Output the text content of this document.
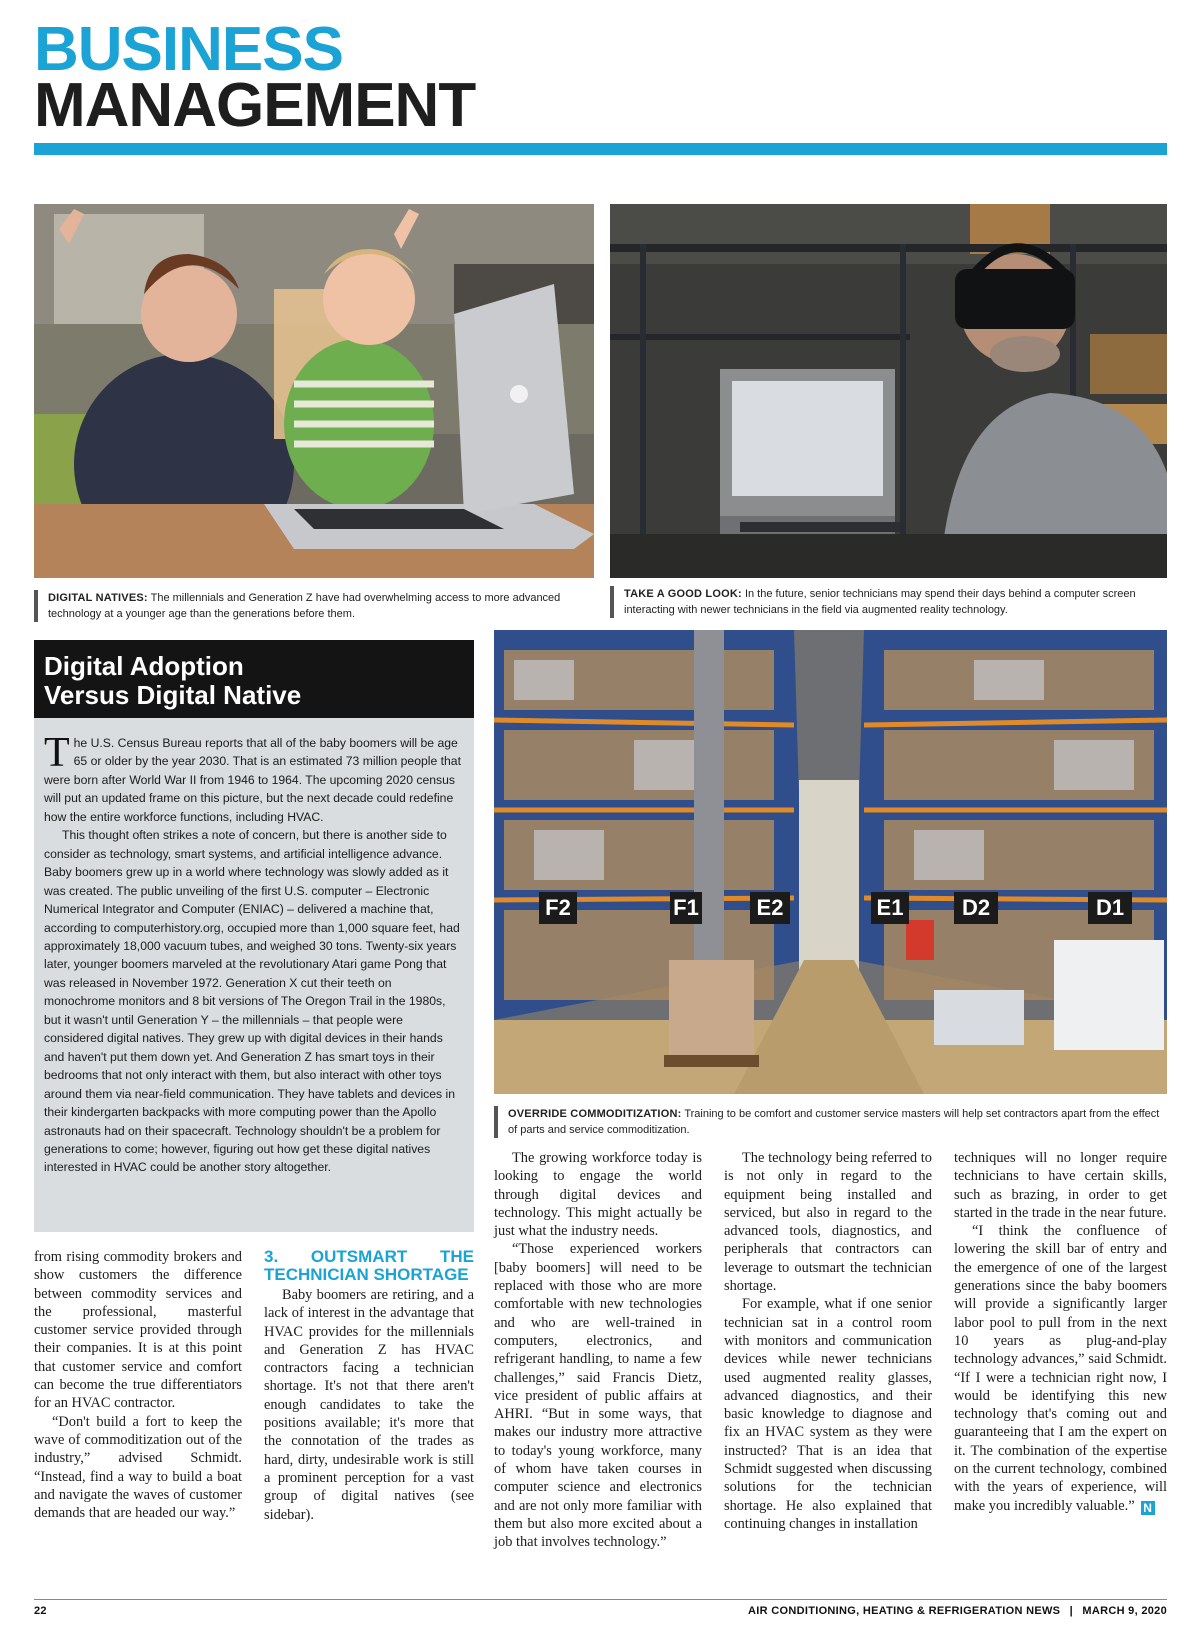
BUSINESS
MANAGEMENT
DIGITAL NATIVES: The millennials and Generation Z have had overwhelming access to more advanced technology at a younger age than the generations before them.
TAKE A GOOD LOOK: In the future, senior technicians may spend their days behind a computer screen interacting with newer technicians in the field via augmented reality technology.
F2	F1	E2	E1	D2	D1
OVERRIDE COMMODITIZATION: Training to be comfort and customer service masters will help set contractors apart from the effect of parts and service commoditization.
Digital Adoption Versus Digital Native

The U.S. Census Bureau reports that all of the baby boomers will be age 65 or older by the year 2030. That is an estimated 73 million people that were born after World War II from 1946 to 1964. The upcoming 2020 census will put an updated frame on this picture, but the next decade could redefine how the entire workforce functions, including HVAC.

This thought often strikes a note of concern, but there is another side to consider as technology, smart systems, and artificial intelligence advance. Baby boomers grew up in a world where technology was slowly added as it was created. The public unveiling of the first U.S. computer – Electronic Numerical Integrator and Computer (ENIAC) – delivered a machine that, according to computerhistory.org, occupied more than 1,000 square feet, had approximately 18,000 vacuum tubes, and weighed 30 tons. Twenty-six years later, younger boomers marveled at the revolutionary Atari game Pong that was released in November 1972. Generation X cut their teeth on monochrome monitors and 8 bit versions of The Oregon Trail in the 1980s, but it wasn't until Generation Y – the millennials – that people were considered digital natives. They grew up with digital devices in their hands and haven't put them down yet. And Generation Z has smart toys in their bedrooms that not only interact with them, but also interact with other toys around them via near-field communication. They have tablets and devices in their kindergarten backpacks with more computing power than the Apollo astronauts had on their spacecraft. Technology shouldn't be a problem for generations to come; however, figuring out how get these digital natives interested in HVAC could be another story altogether.

from rising commodity brokers and show customers the difference between commodity services and the professional, masterful customer service provided through their companies. It is at this point that customer service and comfort can become the true differentiators for an HVAC contractor.

“Don't build a fort to keep the wave of commoditization out of the industry,” advised Schmidt. “Instead, find a way to build a boat and navigate the waves of customer demands that are headed our way.”

3. OUTSMART THE TECHNICIAN SHORTAGE

Baby boomers are retiring, and a lack of interest in the advantage that HVAC provides for the millennials and Generation Z has HVAC contractors facing a technician shortage. It's not that there aren't enough candidates to take the positions available; it's more that the connotation of the trades as hard, dirty, undesirable work is still a prominent perception for a vast group of digital natives (see sidebar).

The growing workforce today is looking to engage the world through digital devices and technology. This might actually be just what the industry needs.

“Those experienced workers [baby boomers] will need to be replaced with those who are more comfortable with new technologies and who are well-trained in computers, electronics, and refrigerant handling, to name a few challenges,” said Francis Dietz, vice president of public affairs at AHRI. “But in some ways, that makes our industry more attractive to today's young workforce, many of whom have taken courses in computer science and electronics and are not only more familiar with them but also more excited about a job that involves technology.”

The technology being referred to is not only in regard to the equipment being installed and serviced, but also in regard to the advanced tools, diagnostics, and peripherals that contractors can leverage to outsmart the technician shortage.

For example, what if one senior technician sat in a control room with monitors and communication devices while newer technicians used augmented reality glasses, advanced diagnostics, and their basic knowledge to diagnose and fix an HVAC system as they were instructed? That is an idea that Schmidt suggested when discussing solutions for the technician shortage. He also explained that continuing changes in installation

techniques will no longer require technicians to have certain skills, such as brazing, in order to get started in the trade in the near future.

“I think the confluence of lowering the skill bar of entry and the emergence of one of the largest generations since the baby boomers will provide a significantly larger labor pool to pull from in the next 10 years as plug-and-play technology advances,” said Schmidt. “If I were a technician right now, I would be identifying this new technology that's coming out and guaranteeing that I am the expert on it. The combination of the expertise on the current technology, combined with the years of experience, will make you incredibly valuable.” N

22	AIR CONDITIONING, HEATING & REFRIGERATION NEWS | MARCH 9, 2020
